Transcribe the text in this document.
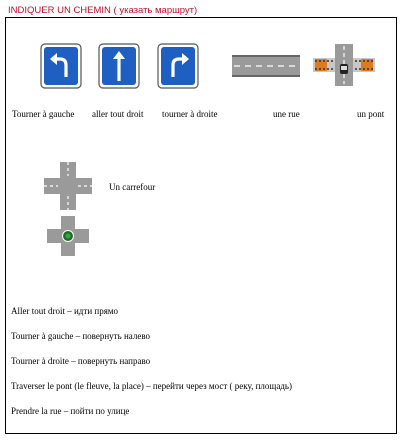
INDIQUER UN CHEMIN ( указать маршрут)
Tourner à gauche aller tout droit tourner à droite	une rue	un pont
Un carrefour
Aller tout droit – идти прямо
Tourner à gauche – повернуть налево
Tourner à droite – повернуть направо
Traverser le pont (le fleuve, la place) – перейти через мост ( реку, площадь)
Prendre la rue – пойти по улице
